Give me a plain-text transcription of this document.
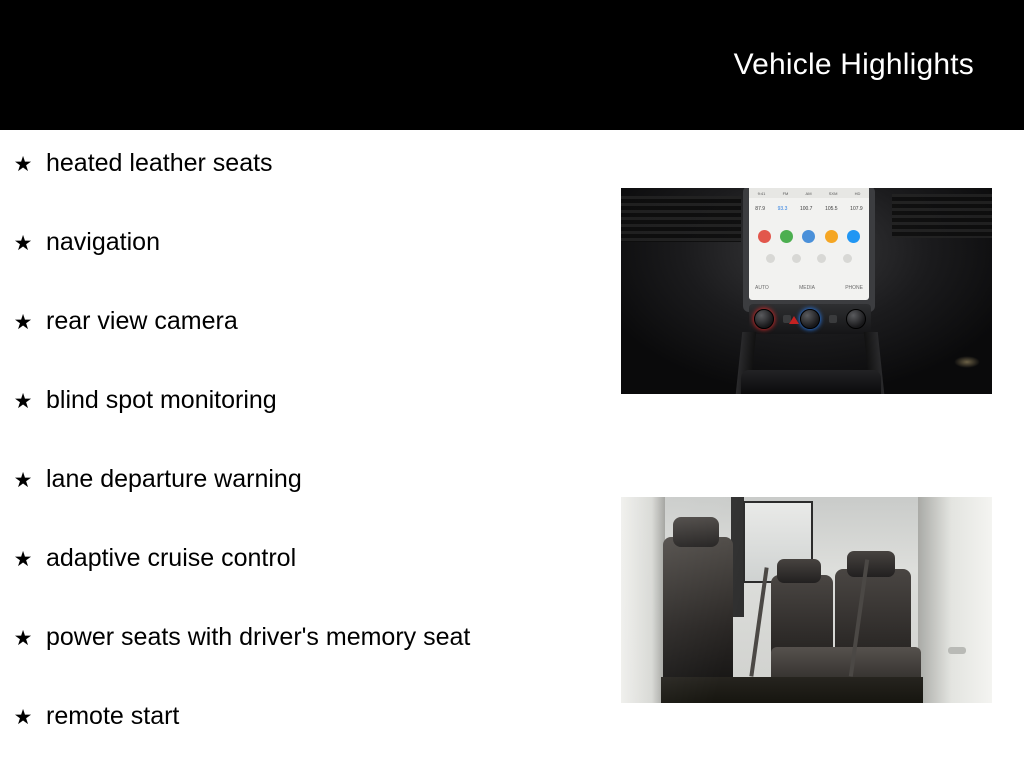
Vehicle Highlights
★ heated leather seats
★ navigation
★ rear view camera
★ blind spot monitoring
★ lane departure warning
★ adaptive cruise control
★ power seats with driver's memory seat
★ remote start
9:41	FM	AM	SXM	HD
87.9	93.3	100.7	105.5	107.9
AUTO	MEDIA	PHONE
